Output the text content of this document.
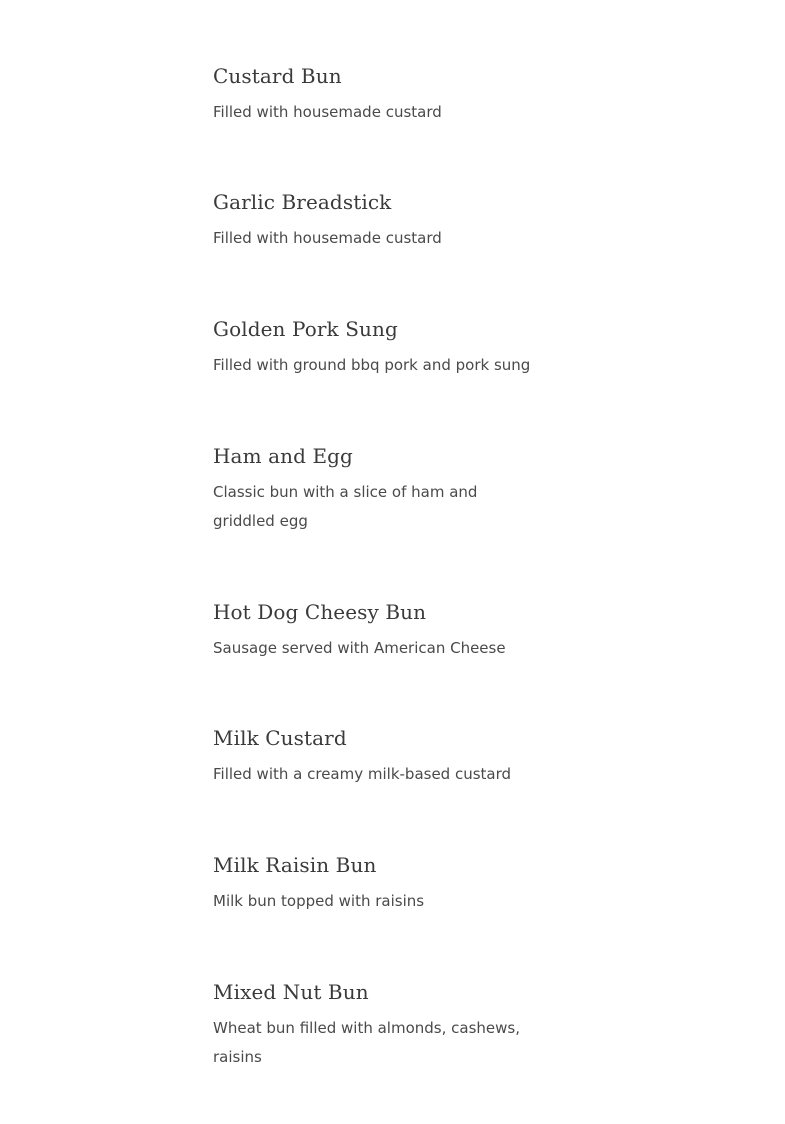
Custard Bun

Filled with housemade custard

Garlic Breadstick

Filled with housemade custard

Golden Pork Sung

Filled with ground bbq pork and pork sung

Ham and Egg

Classic bun with a slice of ham and griddled egg

Hot Dog Cheesy Bun

Sausage served with American Cheese

Milk Custard

Filled with a creamy milk-based custard

Milk Raisin Bun

Milk bun topped with raisins

Mixed Nut Bun

Wheat bun filled with almonds, cashews, raisins
